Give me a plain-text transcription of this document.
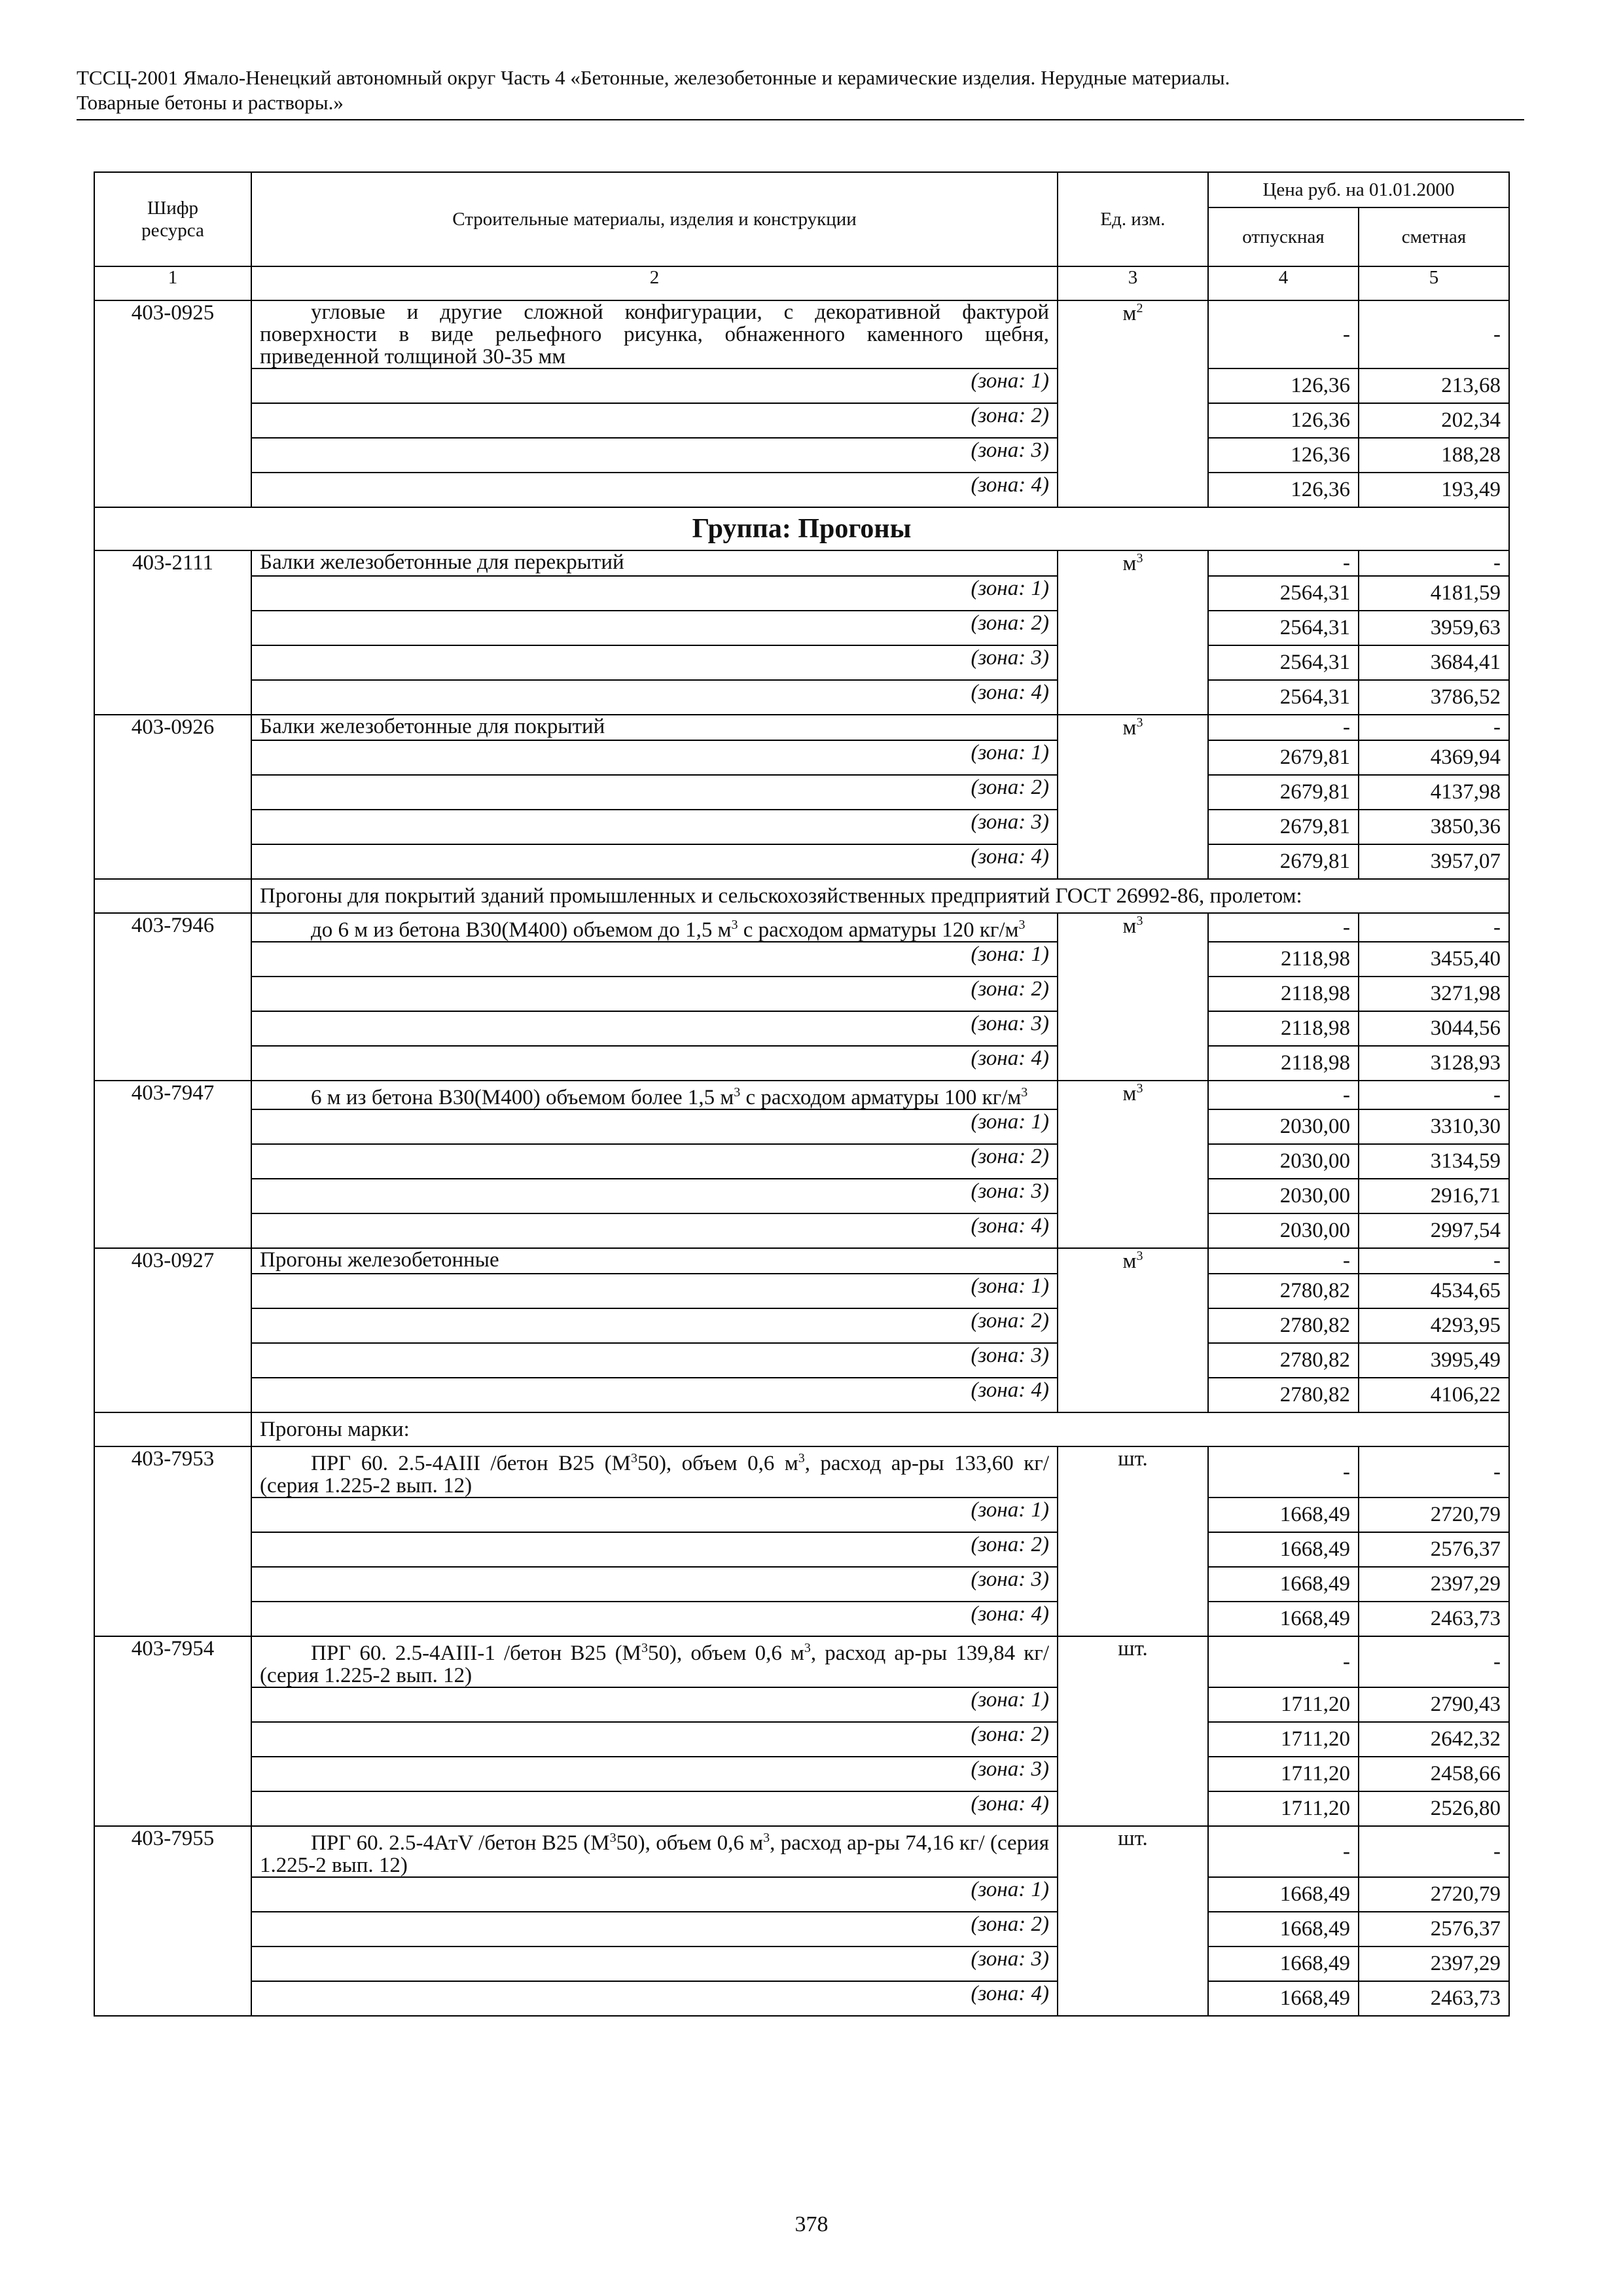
ТССЦ-2001 Ямало-Ненецкий автономный округ Часть 4 «Бетонные, железобетонные и керамические изделия. Нерудные материалы.
Товарные бетоны и растворы.»
Шифр ресурса	Строительные материалы, изделия и конструкции	Ед. изм.	Цена руб. на 01.01.2000	
			отпускная	сметная
1	2	3	4	5
403-0925	угловые и другие сложной конфигурации, с декоративной фактурой поверхности в виде рельефного рисунка, обнаженного каменного щебня, приведенной толщиной 30-35 мм	$м^2$	-	-
	(зона: 1)		126,36	213,68
	(зона: 2)		126,36	202,34
	(зона: 3)		126,36	188,28
	(зона: 4)		126,36	193,49
Группа: Прогоны				
403-2111	Балки железобетонные для перекрытий	$м^3$	-	-
	(зона: 1)		2564,31	4181,59
	(зона: 2)		2564,31	3959,63
	(зона: 3)		2564,31	3684,41
	(зона: 4)		2564,31	3786,52
403-0926	Балки железобетонные для покрытий	$м^3$	-	-
	(зона: 1)		2679,81	4369,94
	(зона: 2)		2679,81	4137,98
	(зона: 3)		2679,81	3850,36
	(зона: 4)		2679,81	3957,07
	Прогоны для покрытий зданий промышленных и сельскохозяйственных предприятий ГОСТ 26992-86, пролетом:			
403-7946	до 6 м из бетона В30(М400) объемом до 1,5 $м^3$ с расходом арматуры 120 $кг/м^3$	$м^3$	-	-
	(зона: 1)		2118,98	3455,40
	(зона: 2)		2118,98	3271,98
	(зона: 3)		2118,98	3044,56
	(зона: 4)		2118,98	3128,93
403-7947	6 м из бетона В30(М400) объемом более 1,5 $м^3$ с расходом арматуры 100 $кг/м^3$	$м^3$	-	-
	(зона: 1)		2030,00	3310,30
	(зона: 2)		2030,00	3134,59
	(зона: 3)		2030,00	2916,71
	(зона: 4)		2030,00	2997,54
403-0927	Прогоны железобетонные	$м^3$	-	-
	(зона: 1)		2780,82	4534,65
	(зона: 2)		2780,82	4293,95
	(зона: 3)		2780,82	3995,49
	(зона: 4)		2780,82	4106,22
	Прогоны марки:			
403-7953	ПРГ 60. 2.5-4АIII /бетон В25 $(М^350)$, объем 0,6 $м^3$, расход ар-ры 133,60 кг/ (серия 1.225-2 вып. 12)	шт.	-	-
	(зона: 1)		1668,49	2720,79
	(зона: 2)		1668,49	2576,37
	(зона: 3)		1668,49	2397,29
	(зона: 4)		1668,49	2463,73
403-7954	ПРГ 60. 2.5-4АIII-1 /бетон В25 $(М^350)$, объем 0,6 $м^3$, расход ар-ры 139,84 кг/ (серия 1.225-2 вып. 12)	шт.	-	-
	(зона: 1)		1711,20	2790,43
	(зона: 2)		1711,20	2642,32
	(зона: 3)		1711,20	2458,66
	(зона: 4)		1711,20	2526,80
403-7955	ПРГ 60. 2.5-4АтV /бетон В25 $(М^350)$, объем 0,6 $м^3$, расход ар-ры 74,16 кг/ (серия 1.225-2 вып. 12)	шт.	-	-
	(зона: 1)		1668,49	2720,79
	(зона: 2)		1668,49	2576,37
	(зона: 3)		1668,49	2397,29
	(зона: 4)		1668,49	2463,73
378
